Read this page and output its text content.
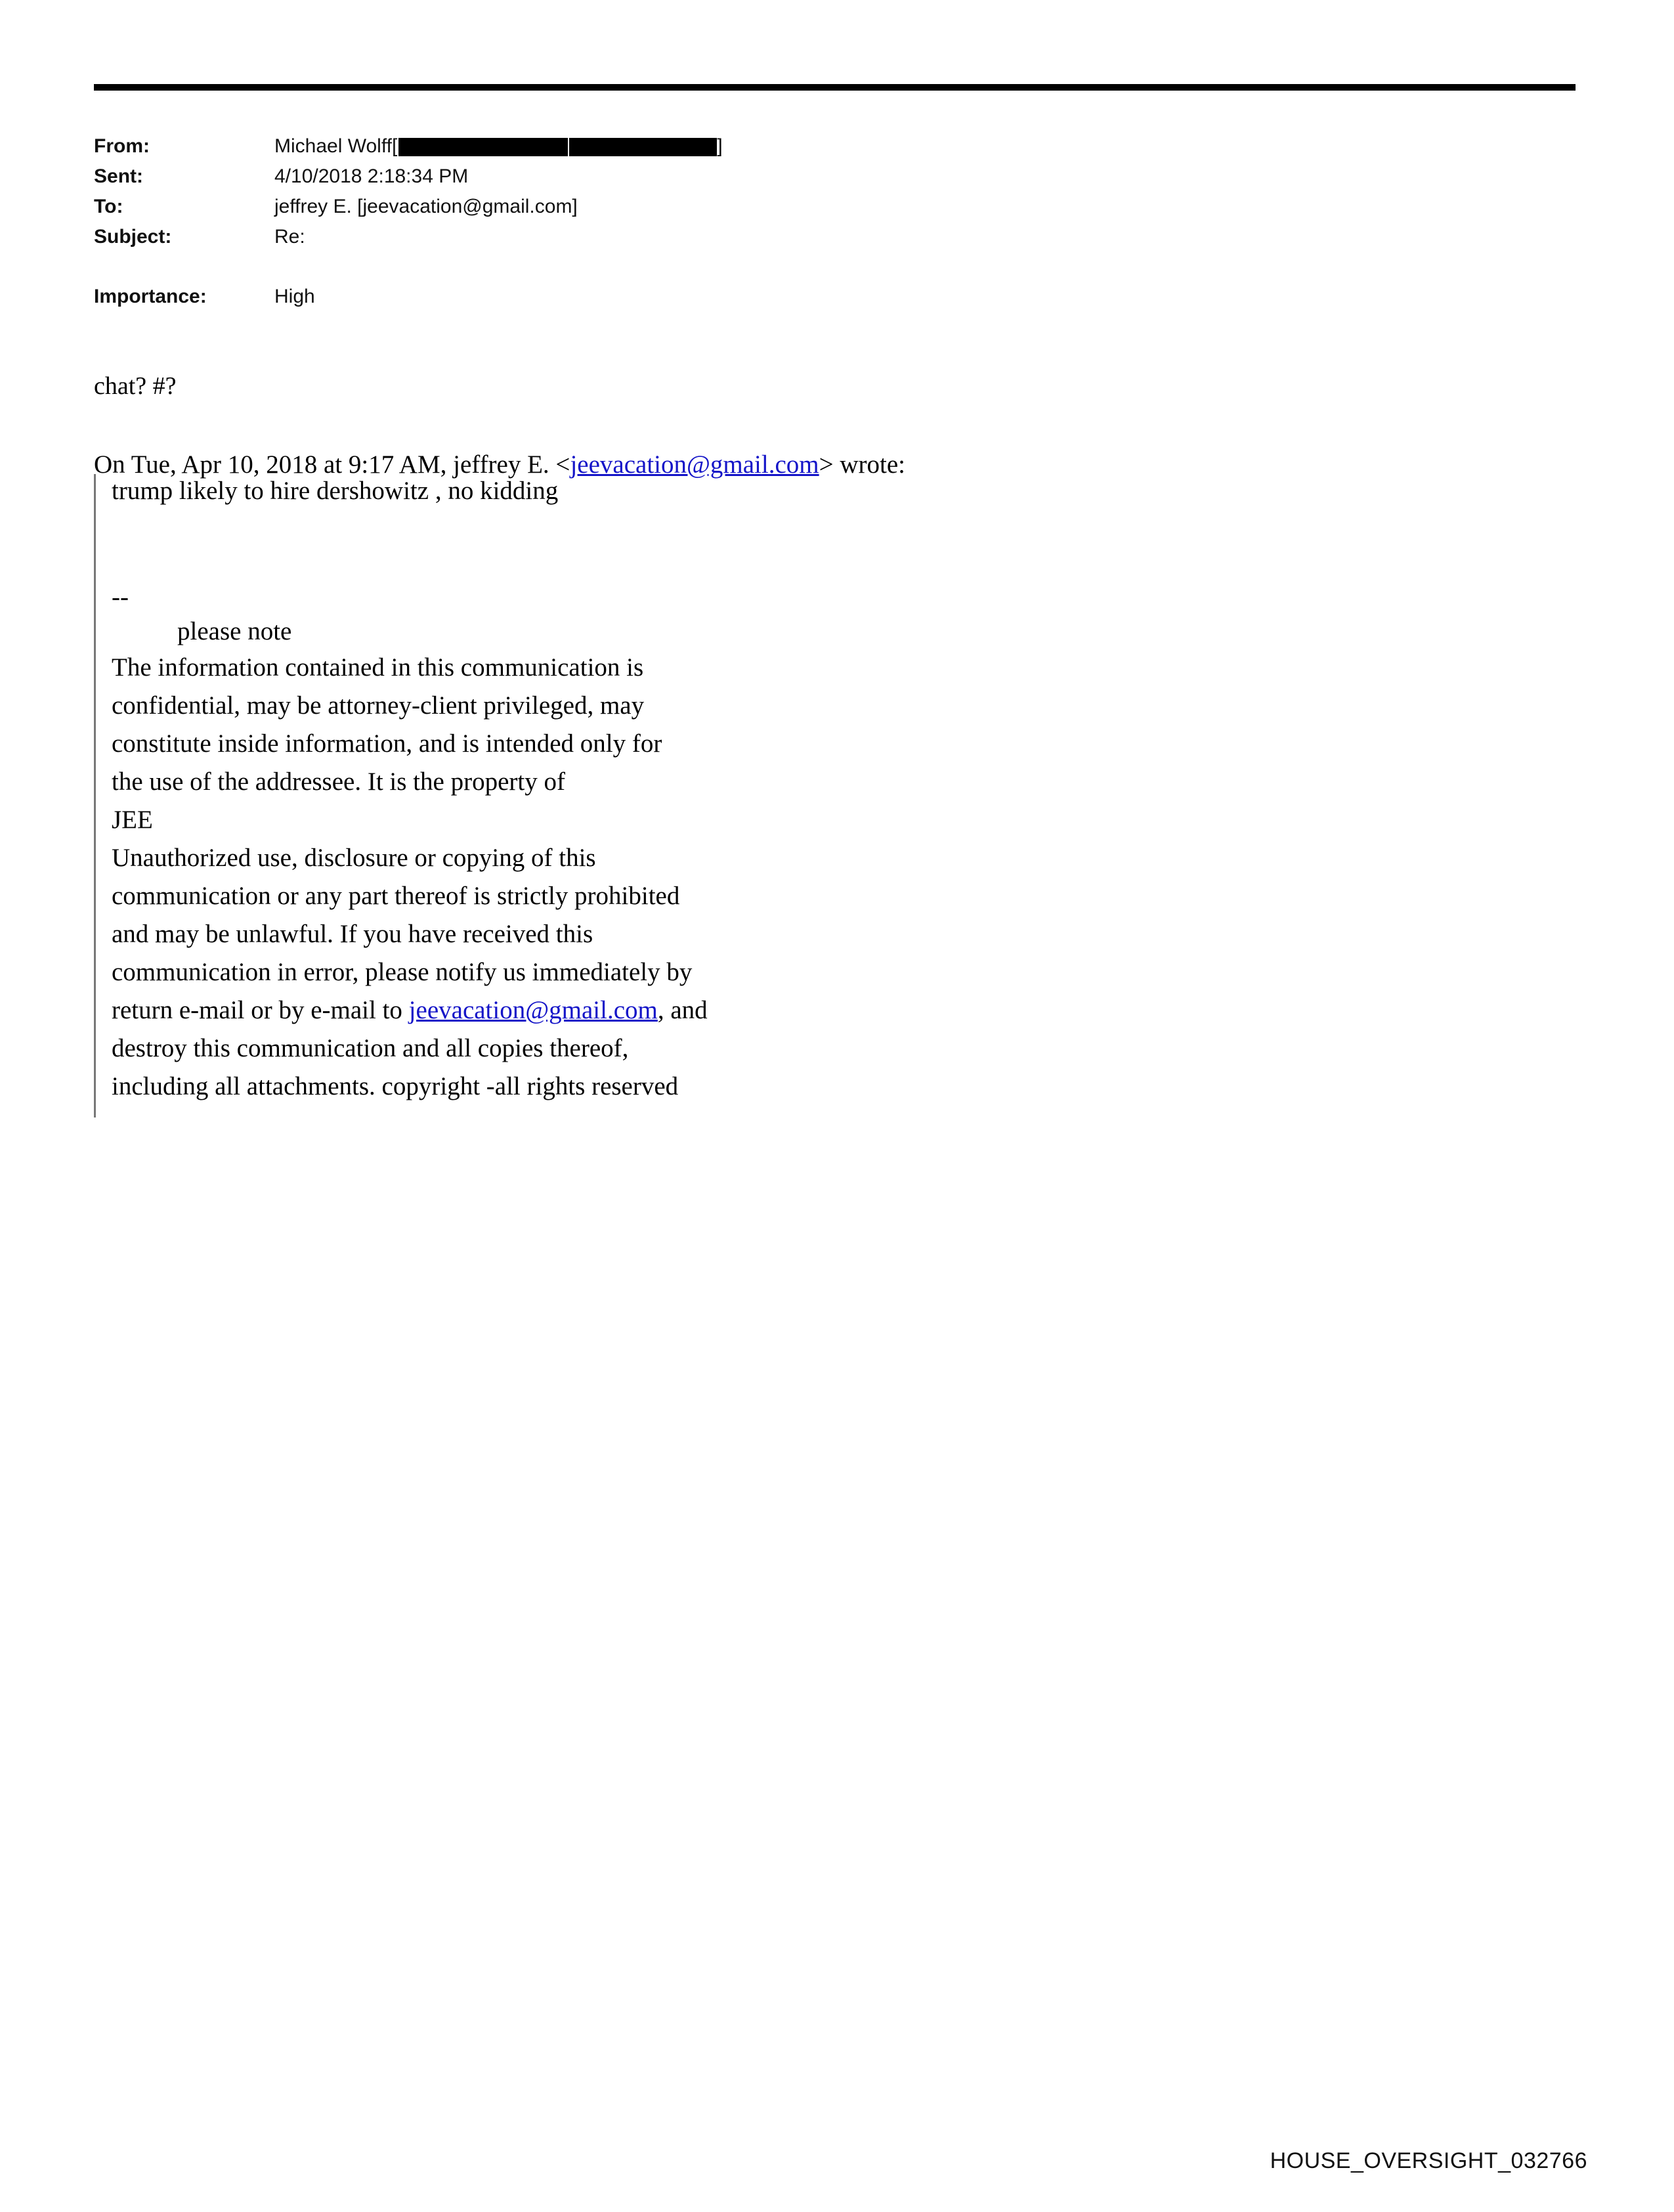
From:	Michael Wolff[	]
Sent:	4/10/2018 2:18:34 PM
To:	jeffrey E. [jeevacation@gmail.com]
Subject:	Re:
Importance:	High
chat? #?
On Tue, Apr 10, 2018 at 9:17 AM, jeffrey E. <jeevacation@gmail.com> wrote:
trump likely to hire dershowitz , no kidding
--
please note
The information contained in this communication is
confidential, may be attorney-client privileged, may
constitute inside information, and is intended only for
the use of the addressee. It is the property of
JEE
Unauthorized use, disclosure or copying of this
communication or any part thereof is strictly prohibited
and may be unlawful. If you have received this
communication in error, please notify us immediately by
return e-mail or by e-mail to jeevacation@gmail.com, and
destroy this communication and all copies thereof,
including all attachments. copyright -all rights reserved
HOUSE_OVERSIGHT_032766
